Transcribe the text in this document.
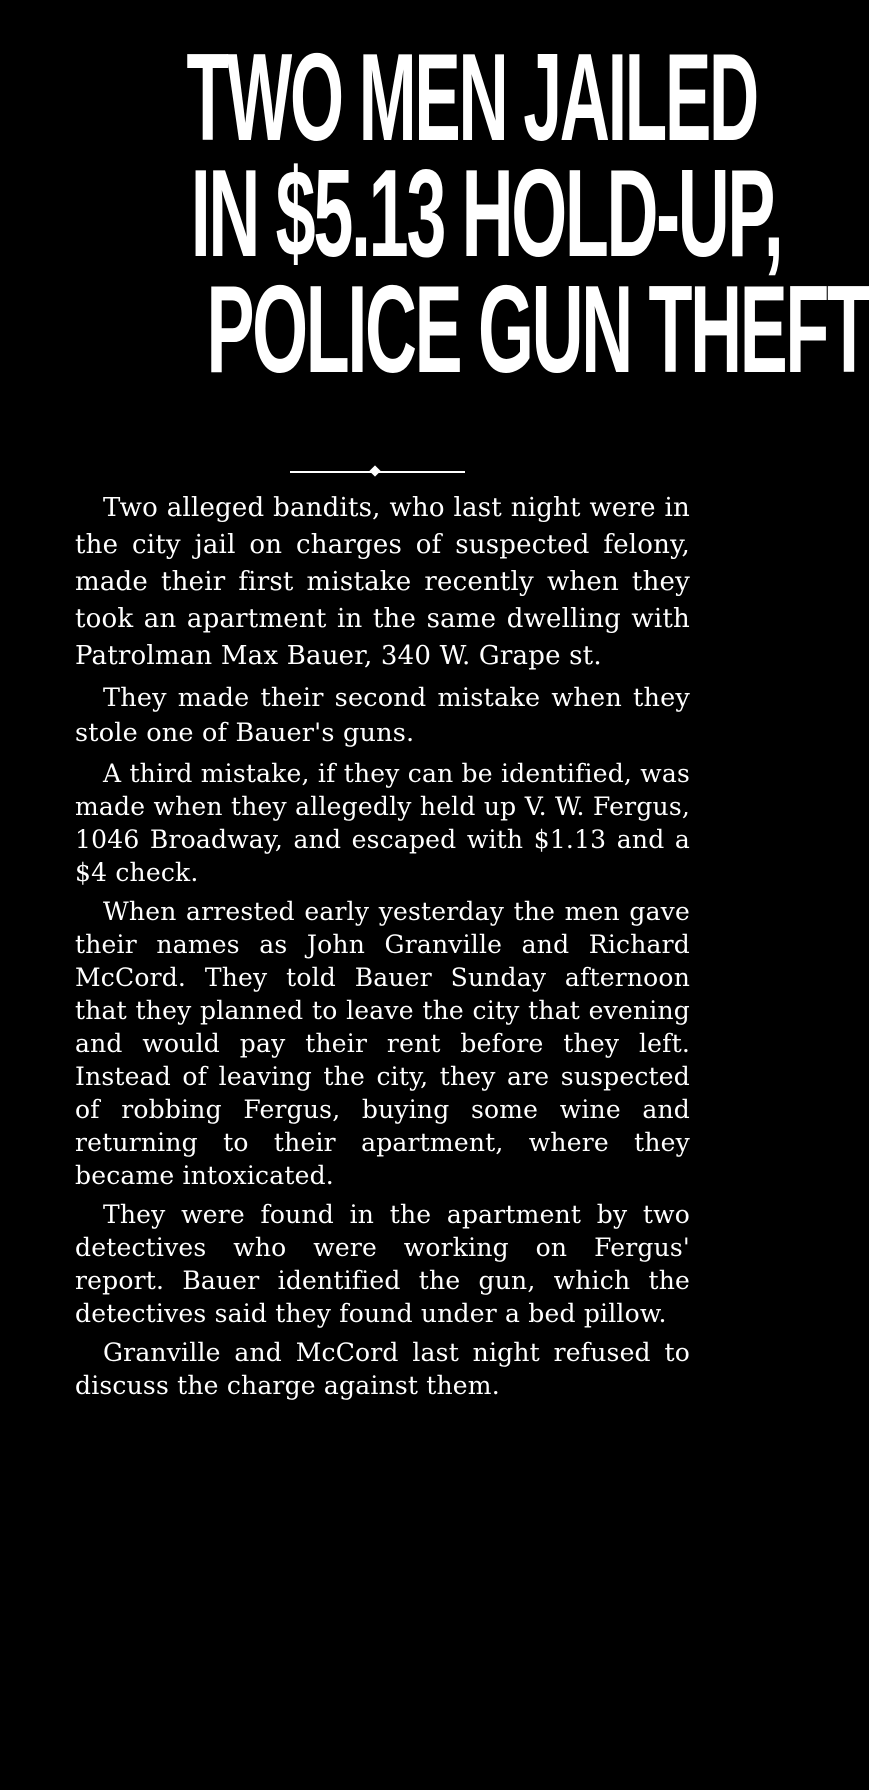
TWO MEN JAILED
IN $5.13 HOLD-UP,
POLICE GUN THEFT

Two alleged bandits, who last night were in the city jail on charges of suspected felony, made their first mistake recently when they took an apartment in the same dwelling with Patrolman Max Bauer, 340 W. Grape st.

They made their second mistake when they stole one of Bauer's guns.

A third mistake, if they can be identified, was made when they allegedly held up V. W. Fergus, 1046 Broadway, and escaped with $1.13 and a $4 check.

When arrested early yesterday the men gave their names as John Granville and Richard McCord. They told Bauer Sunday afternoon that they planned to leave the city that evening and would pay their rent before they left. Instead of leaving the city, they are suspected of robbing Fergus, buying some wine and returning to their apartment, where they became intoxicated.

They were found in the apartment by two detectives who were working on Fergus' report. Bauer identified the gun, which the detectives said they found under a bed pillow.

Granville and McCord last night refused to discuss the charge against them.
